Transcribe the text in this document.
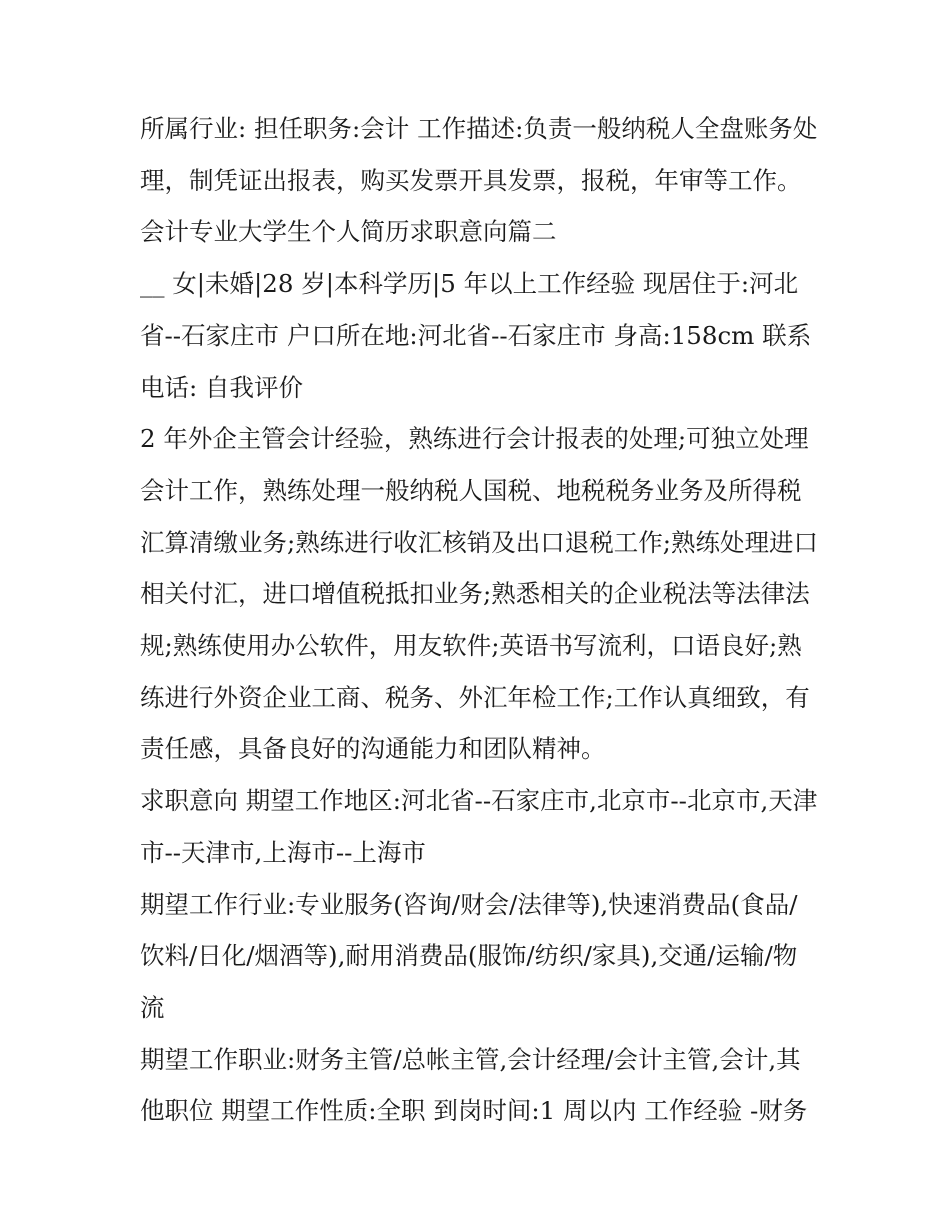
所属行业: 担任职务:会计 工作描述:负责一般纳税人全盘账务处理，制凭证出报表，购买发票开具发票，报税，年审等工作。 会计专业大学生个人简历求职意向篇二

__ 女|未婚|28 岁|本科学历|5 年以上工作经验 现居住于:河北省--石家庄市 户口所在地:河北省--石家庄市 身高:158cm 联系电话: 自我评价

2 年外企主管会计经验，熟练进行会计报表的处理;可独立处理会计工作，熟练处理一般纳税人国税、地税税务业务及所得税汇算清缴业务;熟练进行收汇核销及出口退税工作;熟练处理进口相关付汇，进口增值税抵扣业务;熟悉相关的企业税法等法律法规;熟练使用办公软件，用友软件;英语书写流利，口语良好;熟练进行外资企业工商、税务、外汇年检工作;工作认真细致，有责任感，具备良好的沟通能力和团队精神。

求职意向 期望工作地区:河北省--石家庄市,北京市--北京市,天津市--天津市,上海市--上海市

期望工作行业:专业服务(咨询/财会/法律等),快速消费品(食品/饮料/日化/烟酒等),耐用消费品(服饰/纺织/家具),交通/运输/物流

期望工作职业:财务主管/总帐主管,会计经理/会计主管,会计,其他职位 期望工作性质:全职 到岗时间:1 周以内 工作经验 -财务
